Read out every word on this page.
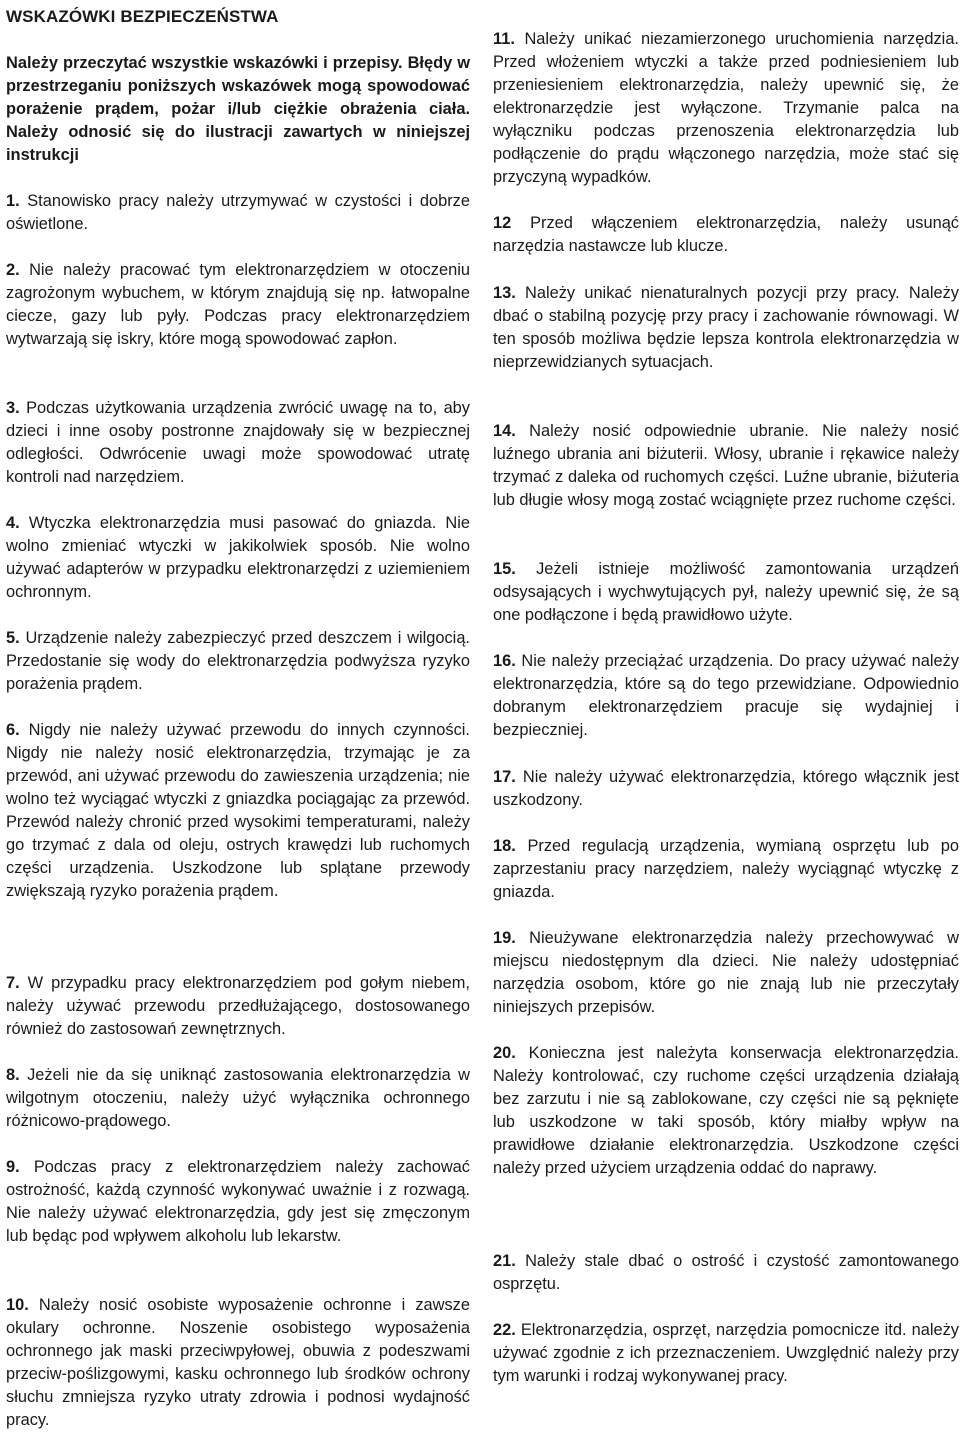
WSKAZÓWKI BEZPIECZEŃSTWA

Należy przeczytać wszystkie wskazówki i przepisy. Błędy w przestrzeganiu poniższych wskazówek mogą spowodować porażenie prądem, pożar i/lub ciężkie obrażenia ciała. Należy odnosić się do ilustracji zawartych w niniejszej instrukcji

1. Stanowisko pracy należy utrzymywać w czystości i dobrze oświetlone.

2. Nie należy pracować tym elektronarzędziem w otoczeniu zagrożonym wybuchem, w którym znajdują się np. łatwopalne ciecze, gazy lub pyły. Podczas pracy elektronarzędziem wytwarzają się iskry, które mogą spowodować zapłon.

3. Podczas użytkowania urządzenia zwrócić uwagę na to, aby dzieci i inne osoby postronne znajdowały się w bezpiecznej odległości. Odwrócenie uwagi może spowodować utratę kontroli nad narzędziem.

4. Wtyczka elektronarzędzia musi pasować do gniazda. Nie wolno zmieniać wtyczki w jakikolwiek sposób. Nie wolno używać adapterów w przypadku elektronarzędzi z uziemieniem ochronnym.

5. Urządzenie należy zabezpieczyć przed deszczem i wilgocią. Przedostanie się wody do elektronarzędzia podwyższa ryzyko porażenia prądem.

6. Nigdy nie należy używać przewodu do innych czynności. Nigdy nie należy nosić elektronarzędzia, trzymając je za przewód, ani używać przewodu do zawieszenia urządzenia; nie wolno też wyciągać wtyczki z gniazdka pociągając za przewód. Przewód należy chronić przed wysokimi temperaturami, należy go trzymać z dala od oleju, ostrych krawędzi lub ruchomych części urządzenia. Uszkodzone lub splątane przewody zwiększają ryzyko porażenia prądem.

7. W przypadku pracy elektronarzędziem pod gołym niebem, należy używać przewodu przedłużającego, dostosowanego również do zastosowań zewnętrznych.

8. Jeżeli nie da się uniknąć zastosowania elektronarzędzia w wilgotnym otoczeniu, należy użyć wyłącznika ochronnego różnicowo-prądowego.

9. Podczas pracy z elektronarzędziem należy zachować ostrożność, każdą czynność wykonywać uważnie i z rozwagą. Nie należy używać elektronarzędzia, gdy jest się zmęczonym lub będąc pod wpływem alkoholu lub lekarstw.

10. Należy nosić osobiste wyposażenie ochronne i zawsze okulary ochronne. Noszenie osobistego wyposażenia ochronnego jak maski przeciwpyłowej, obuwia z podeszwami przeciw-poślizgowymi, kasku ochronnego lub środków ochrony słuchu zmniejsza ryzyko utraty zdrowia i podnosi wydajność pracy.

11. Należy unikać niezamierzonego uruchomienia narzędzia. Przed włożeniem wtyczki a także przed podniesieniem lub przeniesieniem elektronarzędzia, należy upewnić się, że elektronarzędzie jest wyłączone. Trzymanie palca na wyłączniku podczas przenoszenia elektronarzędzia lub podłączenie do prądu włączonego narzędzia, może stać się przyczyną wypadków.

12 Przed włączeniem elektronarzędzia, należy usunąć narzędzia nastawcze lub klucze.

13. Należy unikać nienaturalnych pozycji przy pracy. Należy dbać o stabilną pozycję przy pracy i zachowanie równowagi. W ten sposób możliwa będzie lepsza kontrola elektronarzędzia w nieprzewidzianych sytuacjach.

14. Należy nosić odpowiednie ubranie. Nie należy nosić luźnego ubrania ani biżuterii. Włosy, ubranie i rękawice należy trzymać z daleka od ruchomych części. Luźne ubranie, biżuteria lub długie włosy mogą zostać wciągnięte przez ruchome części.

15. Jeżeli istnieje możliwość zamontowania urządzeń odsysających i wychwytujących pył, należy upewnić się, że są one podłączone i będą prawidłowo użyte.

16. Nie należy przeciążać urządzenia. Do pracy używać należy elektronarzędzia, które są do tego przewidziane. Odpowiednio dobranym elektronarzędziem pracuje się wydajniej i bezpieczniej.

17. Nie należy używać elektronarzędzia, którego włącznik jest uszkodzony.

18. Przed regulacją urządzenia, wymianą osprzętu lub po zaprzestaniu pracy narzędziem, należy wyciągnąć wtyczkę z gniazda.

19. Nieużywane elektronarzędzia należy przechowywać w miejscu niedostępnym dla dzieci. Nie należy udostępniać narzędzia osobom, które go nie znają lub nie przeczytały niniejszych przepisów.

20. Konieczna jest należyta konserwacja elektronarzędzia. Należy kontrolować, czy ruchome części urządzenia działają bez zarzutu i nie są zablokowane, czy części nie są pęknięte lub uszkodzone w taki sposób, który miałby wpływ na prawidłowe działanie elektronarzędzia. Uszkodzone części należy przed użyciem urządzenia oddać do naprawy.

21. Należy stale dbać o ostrość i czystość zamontowanego osprzętu.

22. Elektronarzędzia, osprzęt, narzędzia pomocnicze itd. należy używać zgodnie z ich przeznaczeniem. Uwzględnić należy przy tym warunki i rodzaj wykonywanej pracy.
